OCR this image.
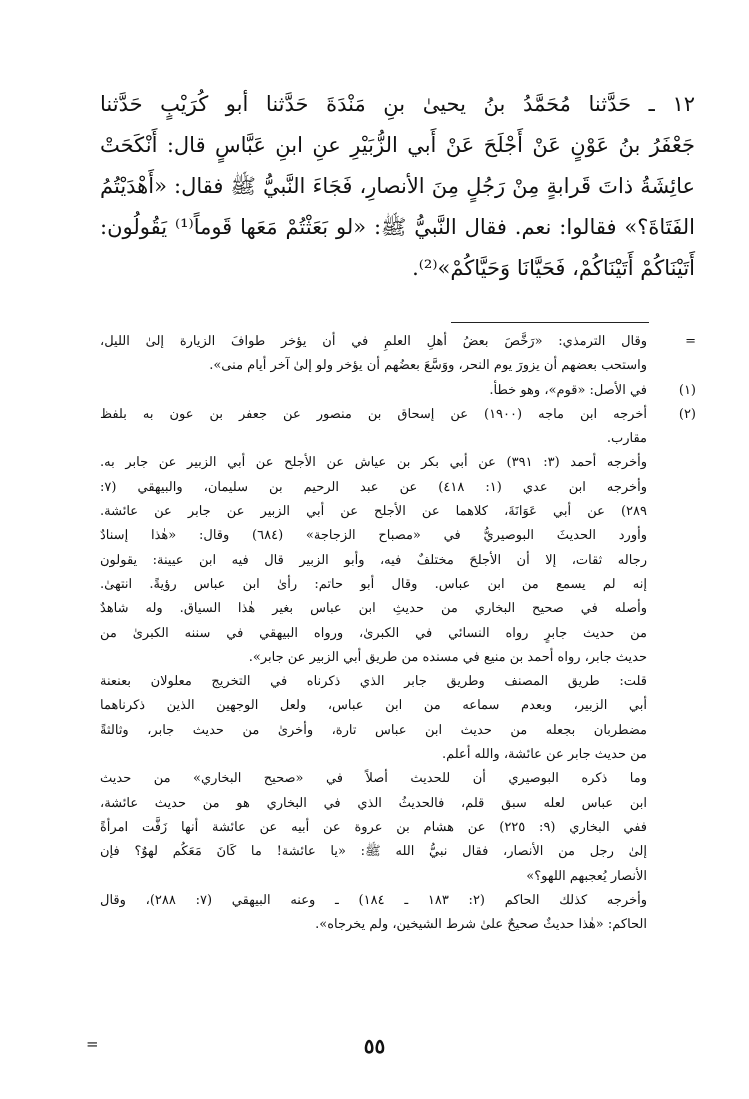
١٢ ـ حَدَّثنا مُحَمَّدُ بنُ يحيىٰ بنِ مَنْدَةَ حَدَّثنا أبو كُرَيْبٍ حَدَّثنا
جَعْفَرُ بنُ عَوْنٍ عَنْ أَجْلَحَ عَنْ أَبي الزُّبَيْرِ عنِ ابنِ عَبَّاسٍ قال: أَنْكَحَتْ
عائِشَةُ ذاتَ قَرابةٍ مِنْ رَجُلٍ مِنَ الأنصارِ، فَجَاءَ النَّبيُّ ﷺ فقال: «أَهْدَيْتُمُ
الفَتَاةَ؟» فقالوا: نعم. فقال النَّبيُّ ﷺ: «لو بَعَثْتُمْ مَعَها قَوماً⁽¹⁾ يَقُولُون:
أَتَيْنَاكُمْ أَتَيْنَاكُمْ، فَحَيَّانَا وَحَيَّاكُمْ»⁽²⁾.
=
وقال الترمذي: «رَخَّصَ بعضُ أهلِ العلمِ في أن يؤخر طوافَ الزيارة إلىٰ الليل،
واستحب بعضهم أن يزورَ يوم النحر، ووَسَّعَ بعضُهم أن يؤخر ولو إلىٰ آخر أيام منى».
(١)
في الأصل: «قوم»، وهو خطأ.
(٢)
أخرجه ابن ماجه (١٩٠٠) عن إسحاق بن منصور عن جعفر بن عون به بلفظ
مقارب.
وأخرجه أحمد (٣: ٣٩١) عن أبي بكر بن عياش عن الأجلح عن أبي الزبير عن جابر به.
وأخرجه ابن عدي (١: ٤١٨) عن عبد الرحيم بن سليمان، والبيهقي (٧:
٢٨٩) عن أبي عَوَانَةَ، كلاهما عن الأجلح عن أبي الزبير عن جابر عن عائشة.
وأورد الحديثَ البوصيريُّ في «مصباح الزجاجة» (٦٨٤) وقال: «هٰذا إسنادٌ
رجاله ثقات، إلا أن الأجلحَ مختلفٌ فيه، وأبو الزبير قال فيه ابن عيينة: يقولون
إنه لم يسمع من ابن عباس. وقال أبو حاتم: رأىٰ ابن عباس رؤيةً. انتهىٰ.
وأصله في صحيح البخاري من حديثِ ابن عباس بغير هٰذا السياق. وله شاهدٌ
من حديث جابرٍ رواه النسائي في الكبرىٰ، ورواه البيهقي في سننه الكبرىٰ من
حديث جابر، رواه أحمد بن منيع في مسنده من طريق أبي الزبير عن جابر».
قلت: طريق المصنف وطريق جابر الذي ذكرناه في التخريج معلولان بعنعنة
أبي الزبير، وبعدم سماعه من ابن عباس، ولعل الوجهين الذين ذكرناهما
مضطربان بجعله من حديث ابن عباس تارة، وأخرىٰ من حديث جابر، وثالثةً
من حديث جابر عن عائشة، والله أعلم.
وما ذكره البوصيري أن للحديث أصلاً في «صحيح البخاري» من حديث
ابن عباس لعله سبق قلم، فالحديثُ الذي في البخاري هو من حديث عائشة،
ففي البخاري (٩: ٢٢٥) عن هشام بن عروة عن أبيه عن عائشة أنها زَفَّت امرأةً
إلىٰ رجل من الأنصار، فقال نبيُّ الله ﷺ: «يا عائشة! ما كَانَ مَعَكُم لهوٌ؟ فإن
الأنصار يُعجبهم اللهو؟»
وأخرجه كذلك الحاكم (٢: ١٨٣ ـ ١٨٤) ـ وعنه البيهقي (٧: ٢٨٨)، وقال
الحاكم: «هٰذا حديثٌ صحيحٌ علىٰ شرط الشيخين، ولم يخرجاه».
=	٥٥
